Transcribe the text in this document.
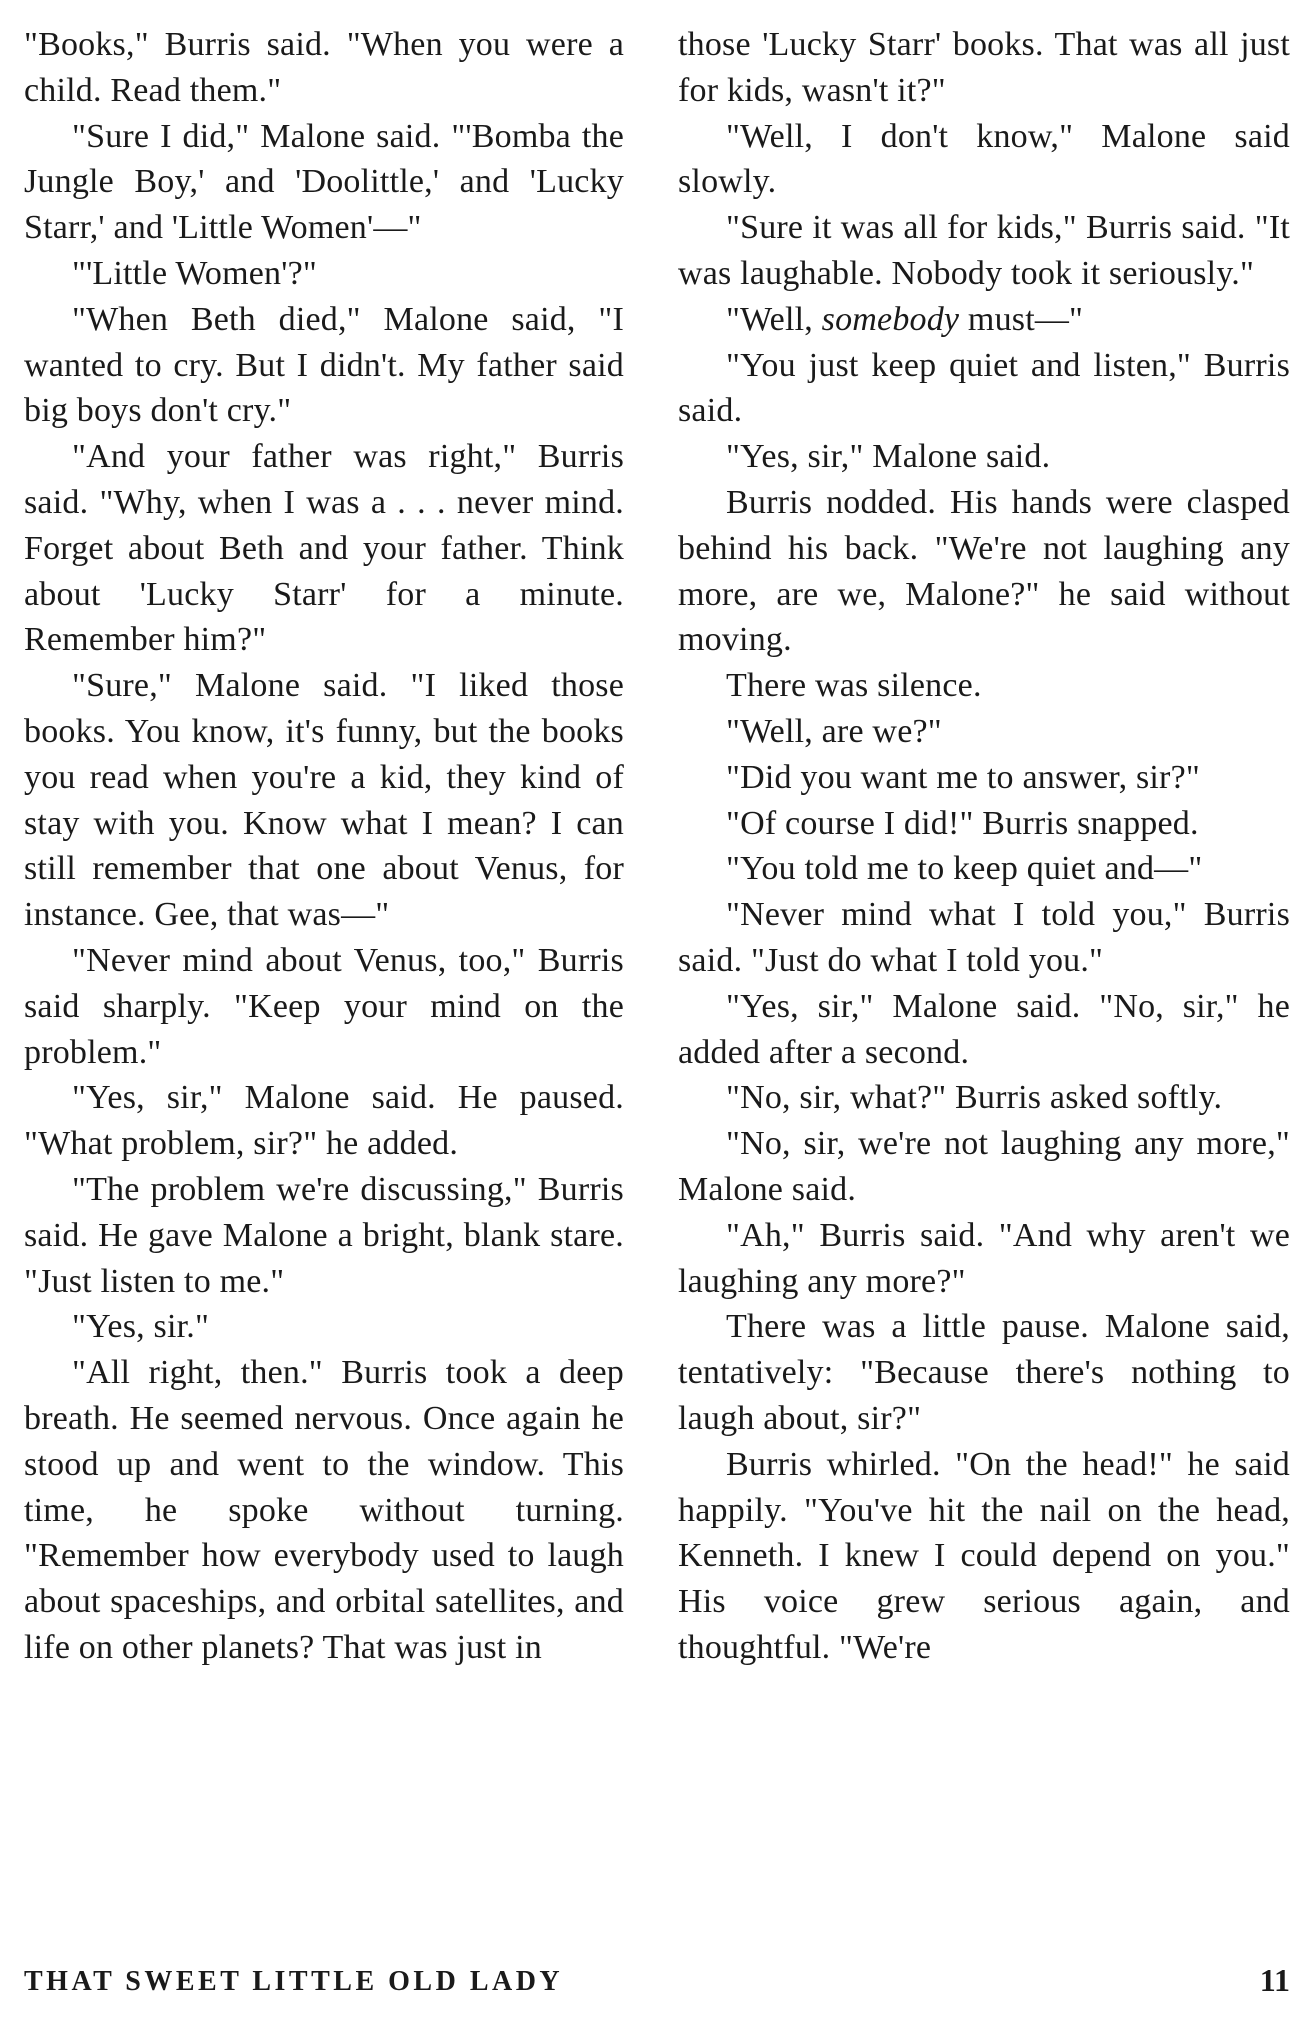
"Books," Burris said. "When you were a child. Read them."

"Sure I did," Malone said. "'Bomba the Jungle Boy,' and 'Doolittle,' and 'Lucky Starr,' and 'Little Women'—"

"'Little Women'?"

"When Beth died," Malone said, "I wanted to cry. But I didn't. My father said big boys don't cry."

"And your father was right," Burris said. "Why, when I was a . . . never mind. Forget about Beth and your father. Think about 'Lucky Starr' for a minute. Remember him?"

"Sure," Malone said. "I liked those books. You know, it's funny, but the books you read when you're a kid, they kind of stay with you. Know what I mean? I can still remember that one about Venus, for instance. Gee, that was—"

"Never mind about Venus, too," Burris said sharply. "Keep your mind on the problem."

"Yes, sir," Malone said. He paused. "What problem, sir?" he added.

"The problem we're discussing," Burris said. He gave Malone a bright, blank stare. "Just listen to me."

"Yes, sir."

"All right, then." Burris took a deep breath. He seemed nervous. Once again he stood up and went to the window. This time, he spoke without turning. "Remember how everybody used to laugh about spaceships, and orbital satellites, and life on other planets? That was just in

those 'Lucky Starr' books. That was all just for kids, wasn't it?"

"Well, I don't know," Malone said slowly.

"Sure it was all for kids," Burris said. "It was laughable. Nobody took it seriously."

"Well, somebody must—"

"You just keep quiet and listen," Burris said.

"Yes, sir," Malone said.

Burris nodded. His hands were clasped behind his back. "We're not laughing any more, are we, Malone?" he said without moving.

There was silence.

"Well, are we?"

"Did you want me to answer, sir?"

"Of course I did!" Burris snapped.

"You told me to keep quiet and—"

"Never mind what I told you," Burris said. "Just do what I told you."

"Yes, sir," Malone said. "No, sir," he added after a second.

"No, sir, what?" Burris asked softly.

"No, sir, we're not laughing any more," Malone said.

"Ah," Burris said. "And why aren't we laughing any more?"

There was a little pause. Malone said, tentatively: "Because there's nothing to laugh about, sir?"

Burris whirled. "On the head!" he said happily. "You've hit the nail on the head, Kenneth. I knew I could depend on you." His voice grew serious again, and thoughtful. "We're

THAT SWEET LITTLE OLD LADY	11
